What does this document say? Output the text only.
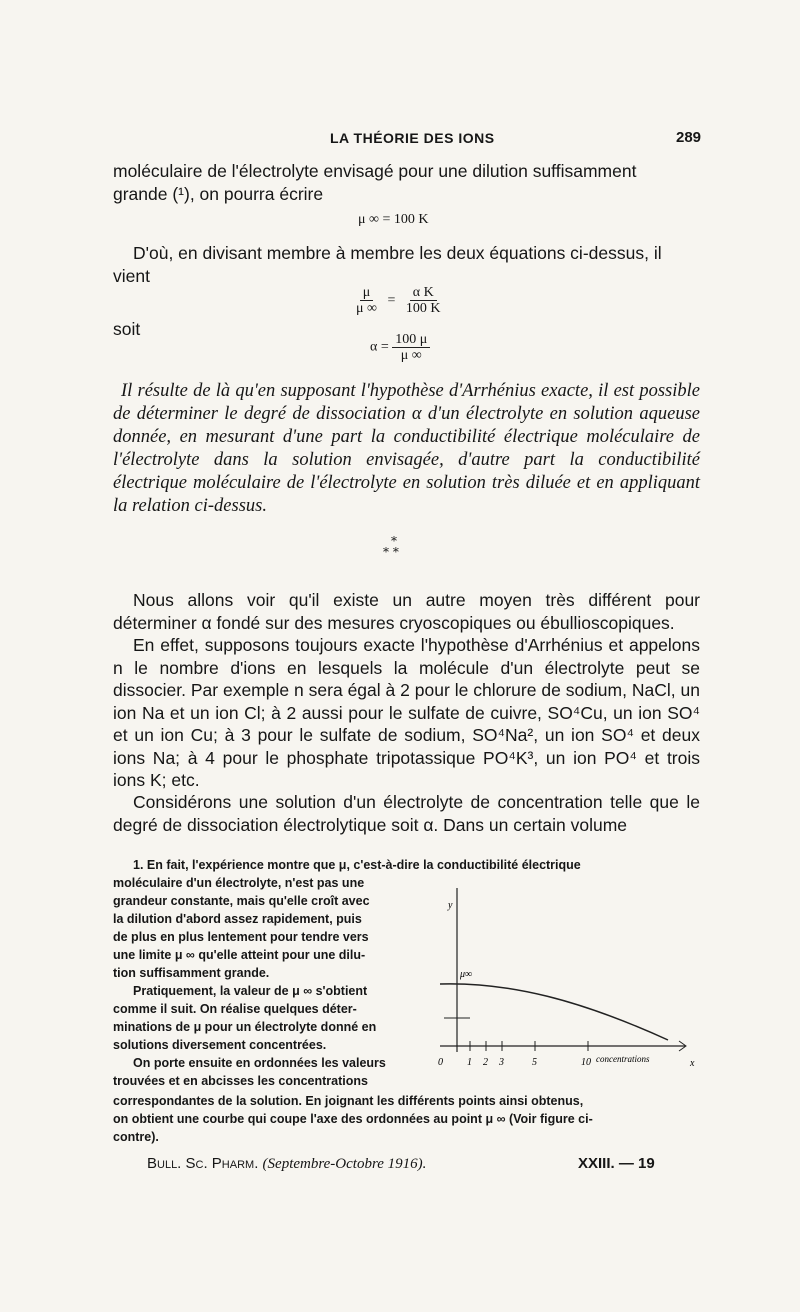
LA THÉORIE DES IONS	289
moléculaire de l'électrolyte envisagé pour une dilution suffisamment
grande (¹), on pourra écrire
μ ∞ = 100 K
D'où, en divisant membre à membre les deux équations ci-dessus, il
vient
$\frac{\mu}{\mu \infty} = \frac{\text{α K}}{100 K}$
soit
$\alpha = \frac{100 \mu}{\mu \infty}$
Il résulte de là qu'en supposant l'hypothèse d'Arrhénius exacte, il est possible de déterminer le degré de dissociation α d'un électrolyte en solution aqueuse donnée, en mesurant d'une part la conductibilité électrique moléculaire de l'électrolyte dans la solution envisagée, d'autre part la conductibilité électrique moléculaire de l'électrolyte en solution très diluée et en appliquant la relation ci-dessus.
*
* *
Nous allons voir qu'il existe un autre moyen très différent pour déterminer α fondé sur des mesures cryoscopiques ou ébullioscopiques.
En effet, supposons toujours exacte l'hypothèse d'Arrhénius et appelons n le nombre d'ions en lesquels la molécule d'un électrolyte peut se dissocier. Par exemple n sera égal à 2 pour le chlorure de sodium, NaCl, un ion Na et un ion Cl; à 2 aussi pour le sulfate de cuivre, SO⁴Cu, un ion SO⁴ et un ion Cu; à 3 pour le sulfate de sodium, SO⁴Na², un ion SO⁴ et deux ions Na; à 4 pour le phosphate tripotassique PO⁴K³, un ion PO⁴ et trois ions K; etc.
Considérons une solution d'un électrolyte de concentration telle que le degré de dissociation électrolytique soit α. Dans un certain volume
1. En fait, l'expérience montre que μ, c'est-à-dire la conductibilité électrique
moléculaire d'un électrolyte, n'est pas une
grandeur constante, mais qu'elle croît avec
la dilution d'abord assez rapidement, puis
de plus en plus lentement pour tendre vers
une limite μ ∞ qu'elle atteint pour une dilu-
tion suffisamment grande.
Pratiquement, la valeur de μ ∞ s'obtient
comme il suit. On réalise quelques déter-
minations de μ pour un électrolyte donné en
solutions diversement concentrées.
On porte ensuite en ordonnées les valeurs
trouvées et en abcisses les concentrations
correspondantes de la solution. En joignant les différents points ainsi obtenus,
on obtient une courbe qui coupe l'axe des ordonnées au point μ ∞ (Voir figure ci-
contre).
y
μ∞
x
0 1 2 3	5	10 concentrations
Bull. Sc. Pharm. (Septembre-Octobre 1916).	XXIII. — 19
